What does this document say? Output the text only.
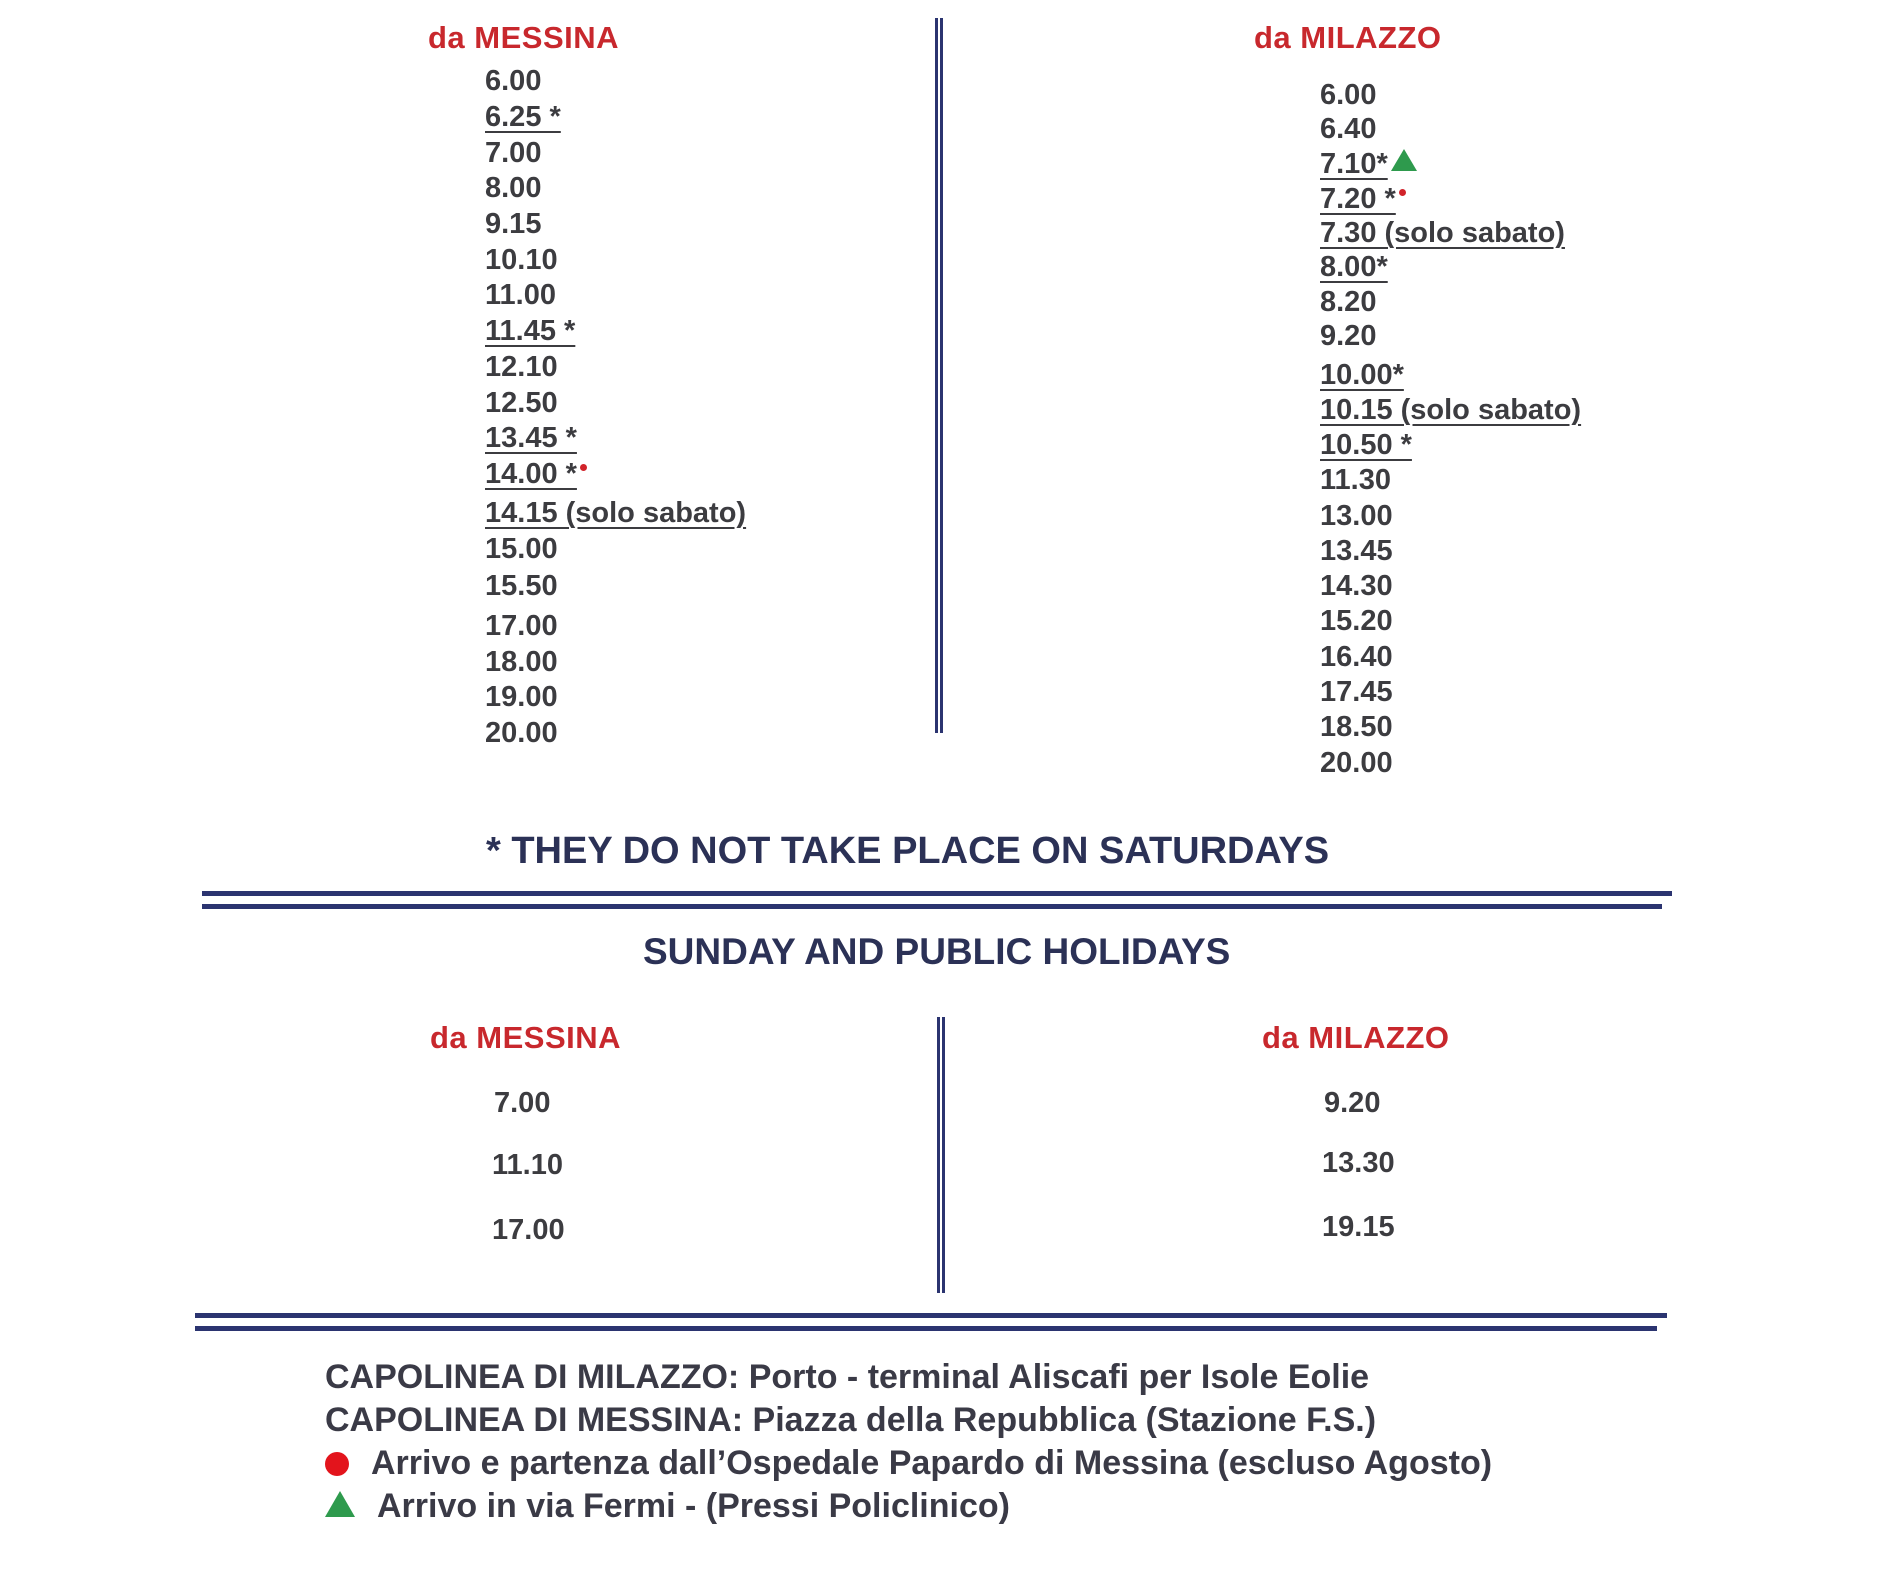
da MESSINA	da MILAZZO
6.00
6.25 *
7.00
8.00
9.15
10.10
11.00
11.45 *
12.10
12.50
13.45 *
14.00 *
14.15 (solo sabato)
15.00
15.50
17.00
18.00
19.00
20.00
6.00
6.40
7.10*
7.20 *
7.30 (solo sabato)
8.00*
8.20
9.20
10.00*
10.15 (solo sabato)
10.50 *
11.30
13.00
13.45
14.30
15.20
16.40
17.45
18.50
20.00
* THEY DO NOT TAKE PLACE ON SATURDAYS
SUNDAY AND PUBLIC HOLIDAYS
da MESSINA	da MILAZZO
7.00
11.10
17.00
9.20
13.30
19.15
CAPOLINEA DI MILAZZO: Porto - terminal Aliscafi per Isole Eolie
CAPOLINEA DI MESSINA: Piazza della Repubblica (Stazione F.S.)
Arrivo e partenza dall’Ospedale Papardo di Messina (escluso Agosto)
Arrivo in via Fermi - (Pressi Policlinico)
